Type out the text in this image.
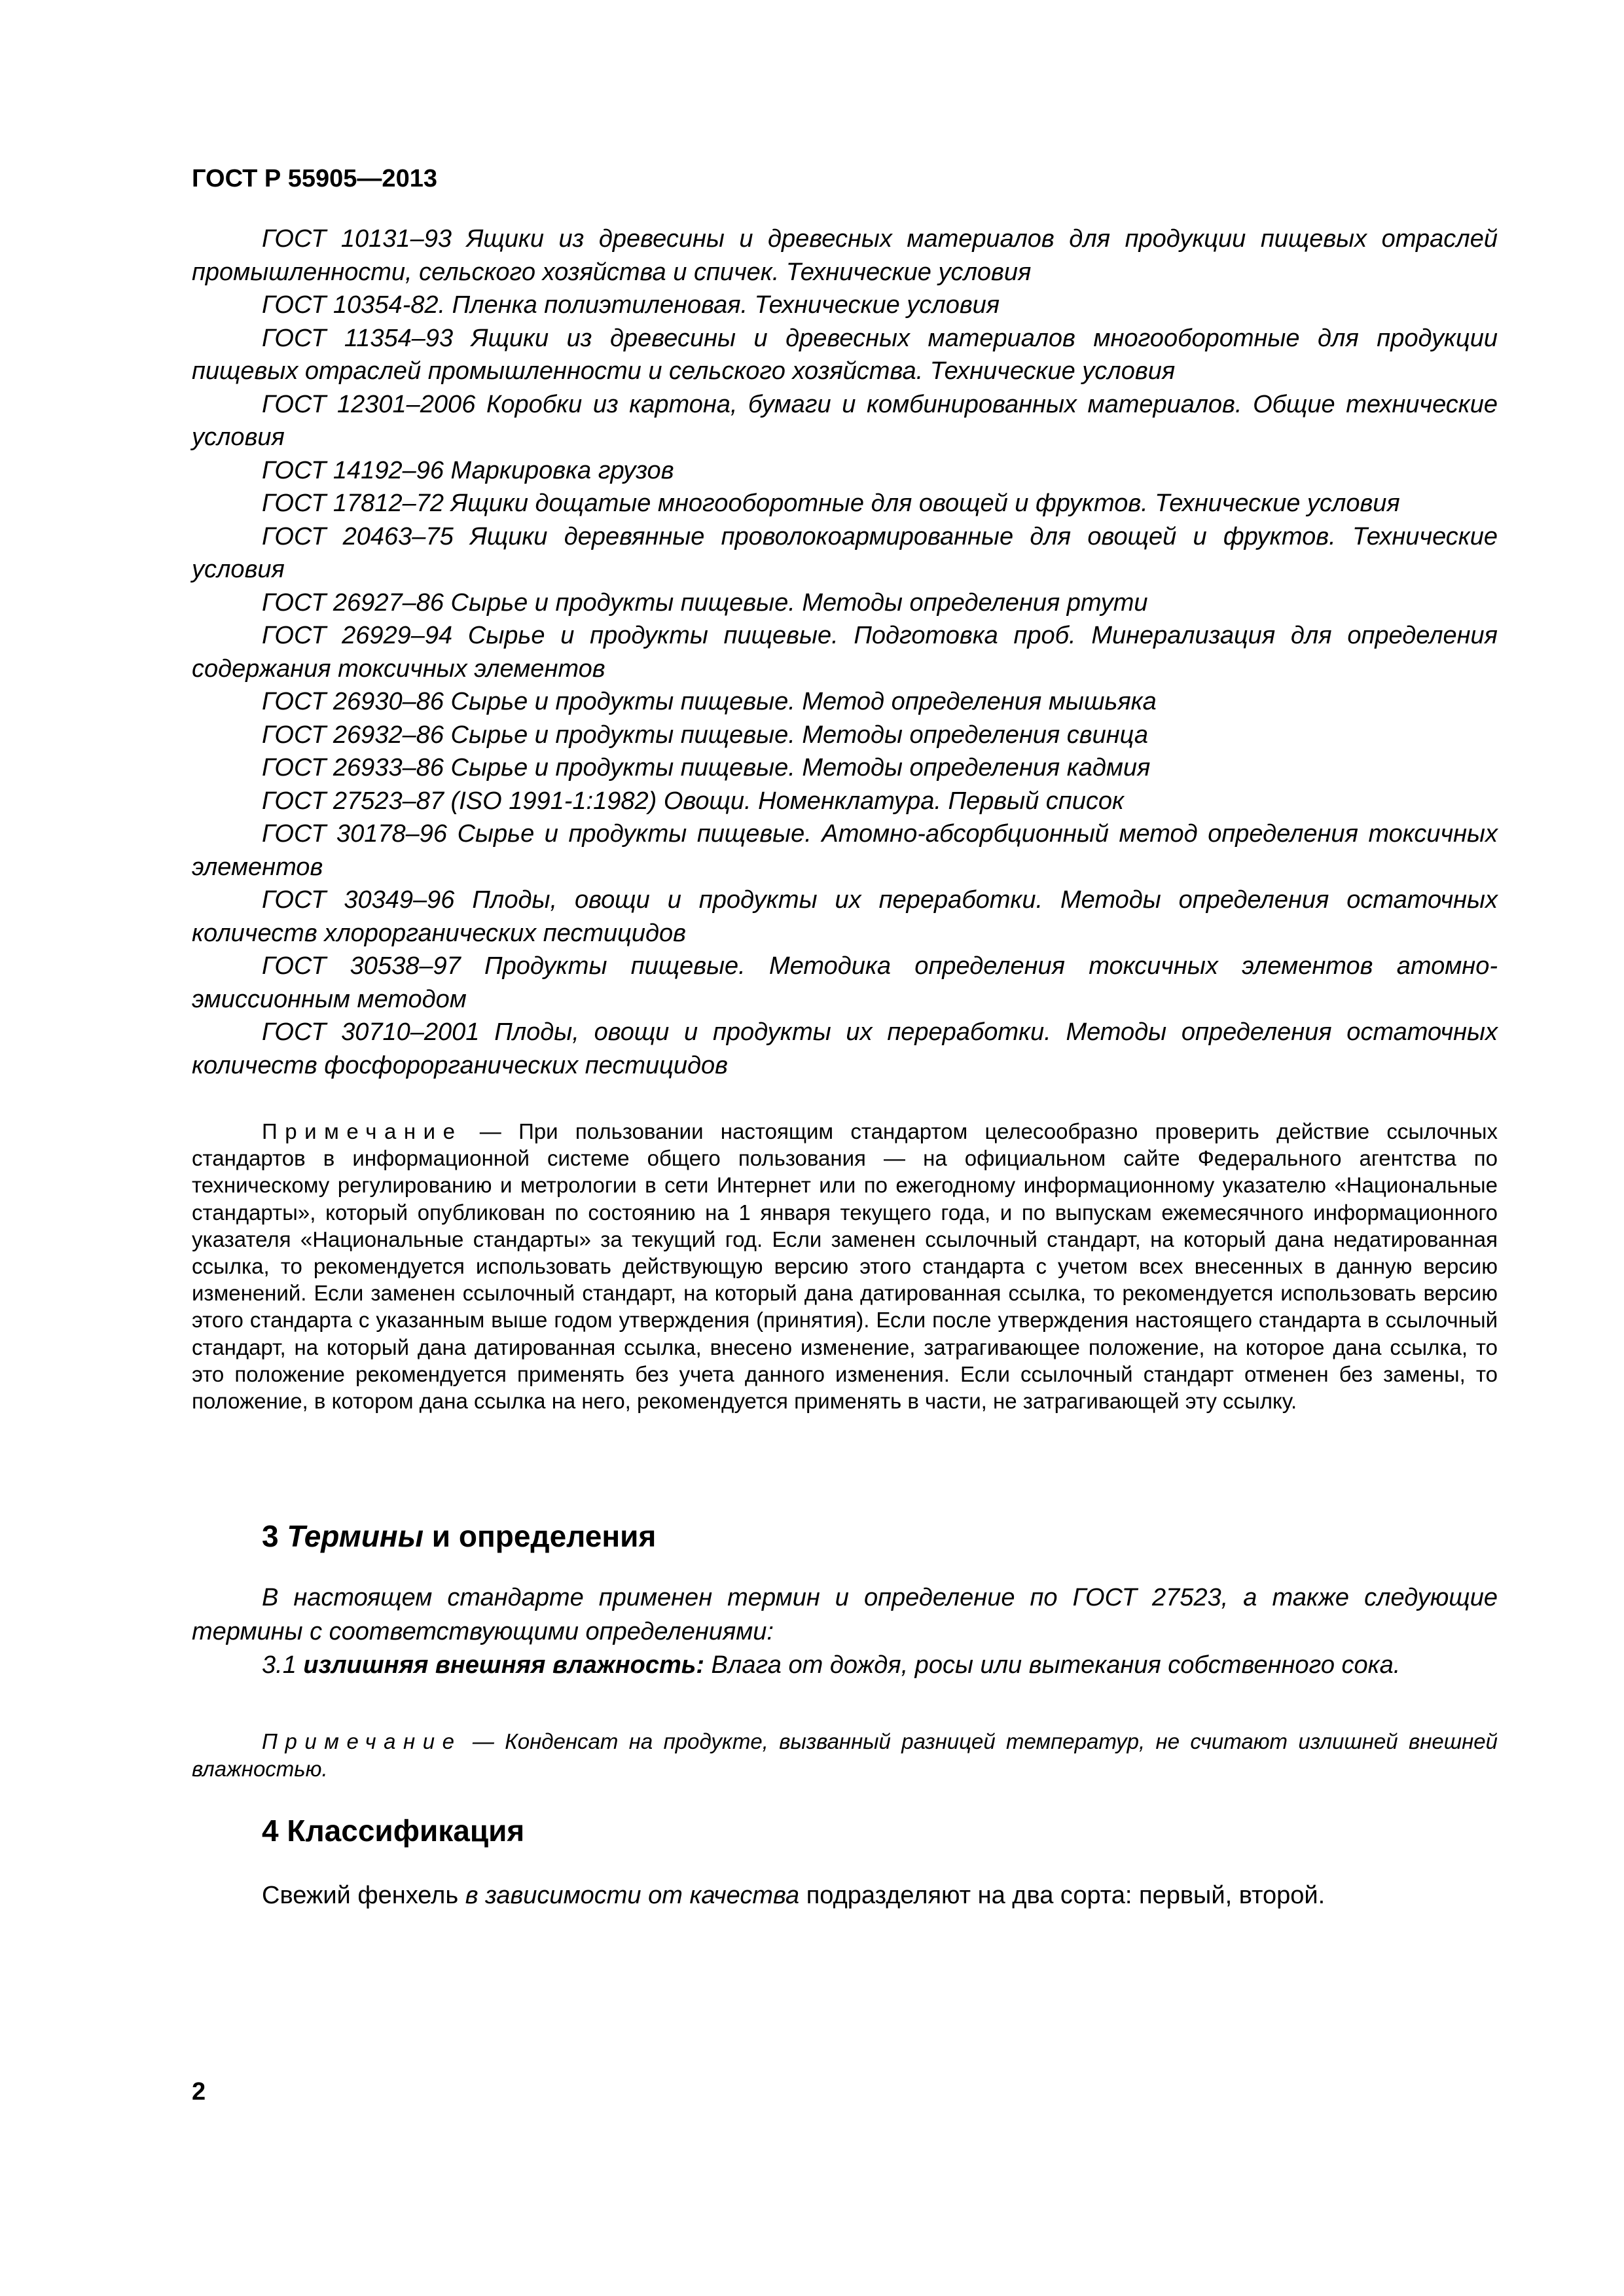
ГОСТ Р 55905—2013

ГОСТ 10131–93 Ящики из древесины и древесных материалов для продукции пищевых отраслей промышленности, сельского хозяйства и спичек. Технические условия

ГОСТ 10354-82. Пленка полиэтиленовая. Технические условия

ГОСТ 11354–93 Ящики из древесины и древесных материалов многооборотные для продукции пищевых отраслей промышленности и сельского хозяйства. Технические условия

ГОСТ 12301–2006 Коробки из картона, бумаги и комбинированных материалов. Общие технические условия

ГОСТ 14192–96 Маркировка грузов

ГОСТ 17812–72 Ящики дощатые многооборотные для овощей и фруктов. Технические условия

ГОСТ 20463–75 Ящики деревянные проволокоармированные для овощей и фруктов. Технические условия

ГОСТ 26927–86 Сырье и продукты пищевые. Методы определения ртути

ГОСТ 26929–94 Сырье и продукты пищевые. Подготовка проб. Минерализация для определения содержания токсичных элементов

ГОСТ 26930–86 Сырье и продукты пищевые. Метод определения мышьяка

ГОСТ 26932–86 Сырье и продукты пищевые. Методы определения свинца

ГОСТ 26933–86 Сырье и продукты пищевые. Методы определения кадмия

ГОСТ 27523–87 (ISO 1991-1:1982) Овощи. Номенклатура. Первый список

ГОСТ 30178–96 Сырье и продукты пищевые. Атомно-абсорбционный метод определения токсичных элементов

ГОСТ 30349–96 Плоды, овощи и продукты их переработки. Методы определения остаточных количеств хлорорганических пестицидов

ГОСТ 30538–97 Продукты пищевые. Методика определения токсичных элементов атомно-эмиссионным методом

ГОСТ 30710–2001 Плоды, овощи и продукты их переработки. Методы определения остаточных количеств фосфорорганических пестицидов

Примечание — При пользовании настоящим стандартом целесообразно проверить действие ссылочных стандартов в информационной системе общего пользования — на официальном сайте Федерального агентства по техническому регулированию и метрологии в сети Интернет или по ежегодному информационному указателю «Национальные стандарты», который опубликован по состоянию на 1 января текущего года, и по выпускам ежемесячного информационного указателя «Национальные стандарты» за текущий год. Если заменен ссылочный стандарт, на который дана недатированная ссылка, то рекомендуется использовать действующую версию этого стандарта с учетом всех внесенных в данную версию изменений. Если заменен ссылочный стандарт, на который дана датированная ссылка, то рекомендуется использовать версию этого стандарта с указанным выше годом утверждения (принятия). Если после утверждения настоящего стандарта в ссылочный стандарт, на который дана датированная ссылка, внесено изменение, затрагивающее положение, на которое дана ссылка, то это положение рекомендуется применять без учета данного изменения. Если ссылочный стандарт отменен без замены, то положение, в котором дана ссылка на него, рекомендуется применять в части, не затрагивающей эту ссылку.

3 Термины и определения

В настоящем стандарте применен термин и определение по ГОСТ 27523, а также следующие термины с соответствующими определениями:

3.1 излишняя внешняя влажность: Влага от дождя, росы или вытекания собственного сока.

Примечание — Конденсат на продукте, вызванный разницей температур, не считают излишней внешней влажностью.

4 Классификация
Свежий фенхель в зависимости от качества подразделяют на два сорта: первый, второй.
2
